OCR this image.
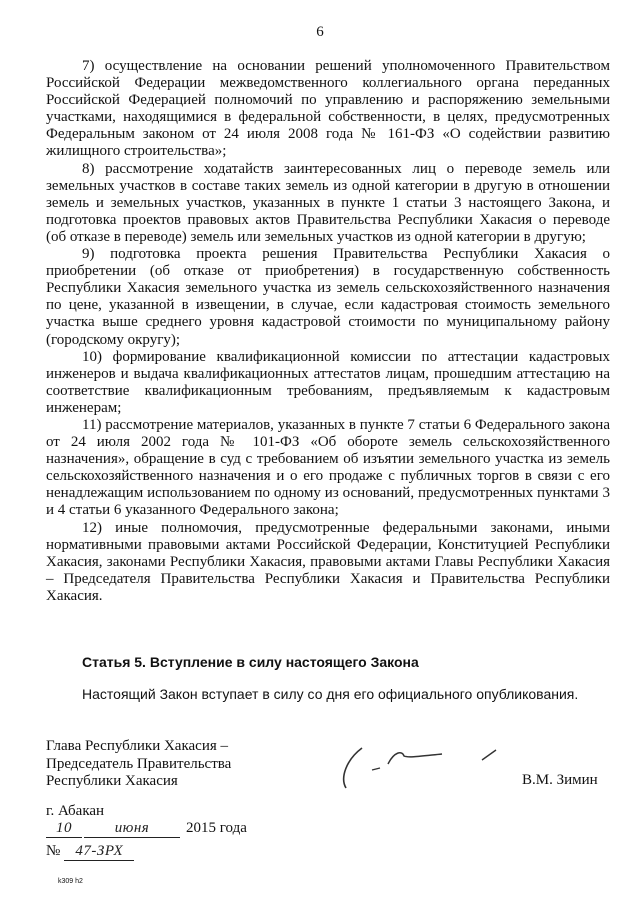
6

7) осуществление на основании решений уполномоченного Правительством Российской Федерации межведомственного коллегиального органа переданных Российской Федерацией полномочий по управлению и распоряжению земельными участками, находящимися в федеральной собственности, в целях, предусмотренных Федеральным законом от 24 июля 2008 года № 161-ФЗ «О содействии развитию жилищного строительства»;

8) рассмотрение ходатайств заинтересованных лиц о переводе земель или земельных участков в составе таких земель из одной категории в другую в отношении земель и земельных участков, указанных в пункте 1 статьи 3 настоящего Закона, и подготовка проектов правовых актов Правительства Республики Хакасия о переводе (об отказе в переводе) земель или земельных участков из одной категории в другую;

9) подготовка проекта решения Правительства Республики Хакасия о приобретении (об отказе от приобретения) в государственную собственность Республики Хакасия земельного участка из земель сельскохозяйственного назначения по цене, указанной в извещении, в случае, если кадастровая стоимость земельного участка выше среднего уровня кадастровой стоимости по муниципальному району (городскому округу);

10) формирование квалификационной комиссии по аттестации кадастровых инженеров и выдача квалификационных аттестатов лицам, прошедшим аттестацию на соответствие квалификационным требованиям, предъявляемым к кадастровым инженерам;

11) рассмотрение материалов, указанных в пункте 7 статьи 6 Федерального закона от 24 июля 2002 года № 101-ФЗ «Об обороте земель сельскохозяйственного назначения», обращение в суд с требованием об изъятии земельного участка из земель сельскохозяйственного назначения и о его продаже с публичных торгов в связи с его ненадлежащим использованием по одному из оснований, предусмотренных пунктами 3 и 4 статьи 6 указанного Федерального закона;

12) иные полномочия, предусмотренные федеральными законами, иными нормативными правовыми актами Российской Федерации, Конституцией Республики Хакасия, законами Республики Хакасия, правовыми актами Главы Республики Хакасия – Председателя Правительства Республики Хакасия и Правительства Республики Хакасия.

Статья 5. Вступление в силу настоящего Закона

Настоящий Закон вступает в силу со дня его официального опубликования.

Глава Республики Хакасия –
Председатель Правительства
Республики Хакасия	В.М. Зимин
г. Абакан
10	июня 2015 года
№ 47-ЗРХ
k309 h2
